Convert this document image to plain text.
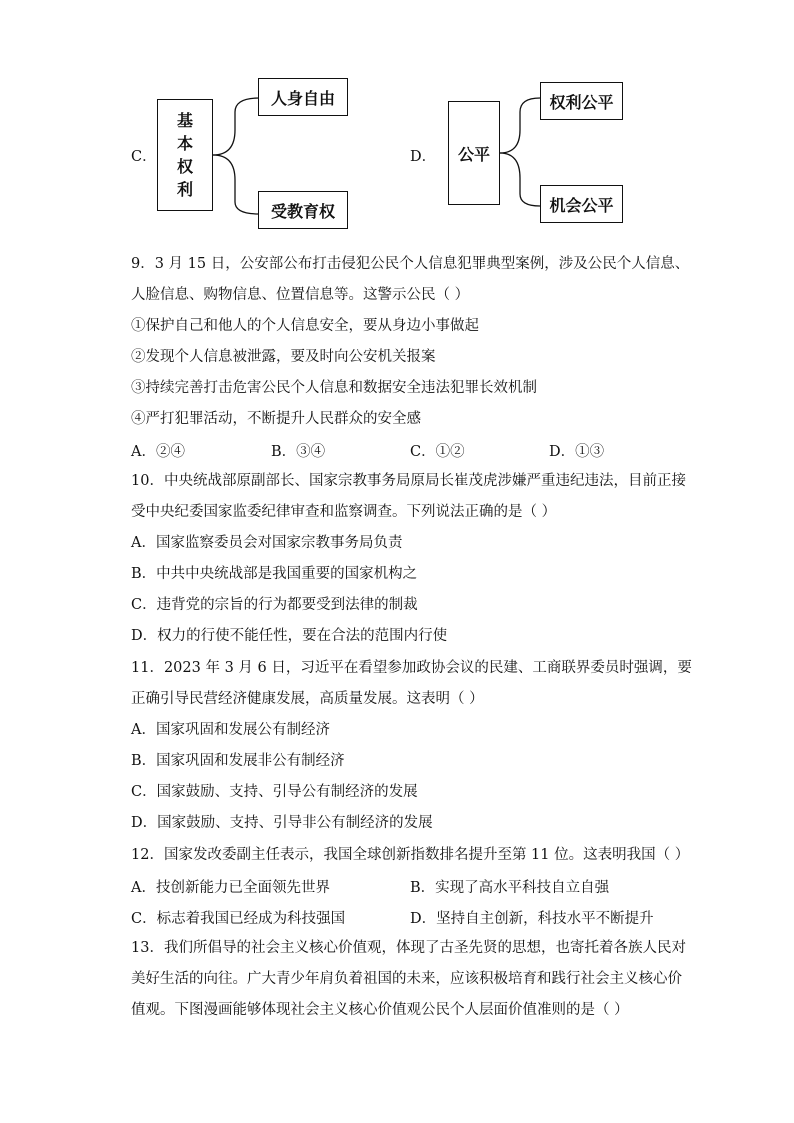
C．
基
本
权
利
人身自由
受教育权
D．	公平
权利公平
机会公平
9．3 月 15 日，公安部公布打击侵犯公民个人信息犯罪典型案例，涉及公民个人信息、
人脸信息、购物信息、位置信息等。这警示公民（ ）
①保护自己和他人的个人信息安全，要从身边小事做起
②发现个人信息被泄露，要及时向公安机关报案
③持续完善打击危害公民个人信息和数据安全违法犯罪长效机制
④严打犯罪活动，不断提升人民群众的安全感
A．②④	B．③④	C．①②	D．①③
10．中央统战部原副部长、国家宗教事务局原局长崔茂虎涉嫌严重违纪违法，目前正接
受中央纪委国家监委纪律审查和监察调查。下列说法正确的是（ ）
A．国家监察委员会对国家宗教事务局负责
B．中共中央统战部是我国重要的国家机构之
C．违背党的宗旨的行为都要受到法律的制裁
D．权力的行使不能任性，要在合法的范围内行使
11．2023 年 3 月 6 日，习近平在看望参加政协会议的民建、工商联界委员时强调，要
正确引导民营经济健康发展，高质量发展。这表明（ ）
A．国家巩固和发展公有制经济
B．国家巩固和发展非公有制经济
C．国家鼓励、支持、引导公有制经济的发展
D．国家鼓励、支持、引导非公有制经济的发展
12．国家发改委副主任表示，我国全球创新指数排名提升至第 11 位。这表明我国（ ）
A．技创新能力已全面领先世界	B．实现了高水平科技自立自强
C．标志着我国已经成为科技强国	D．坚持自主创新，科技水平不断提升
13．我们所倡导的社会主义核心价值观，体现了古圣先贤的思想，也寄托着各族人民对
美好生活的向往。广大青少年肩负着祖国的未来，应该积极培育和践行社会主义核心价
值观。下图漫画能够体现社会主义核心价值观公民个人层面价值准则的是（ ）
